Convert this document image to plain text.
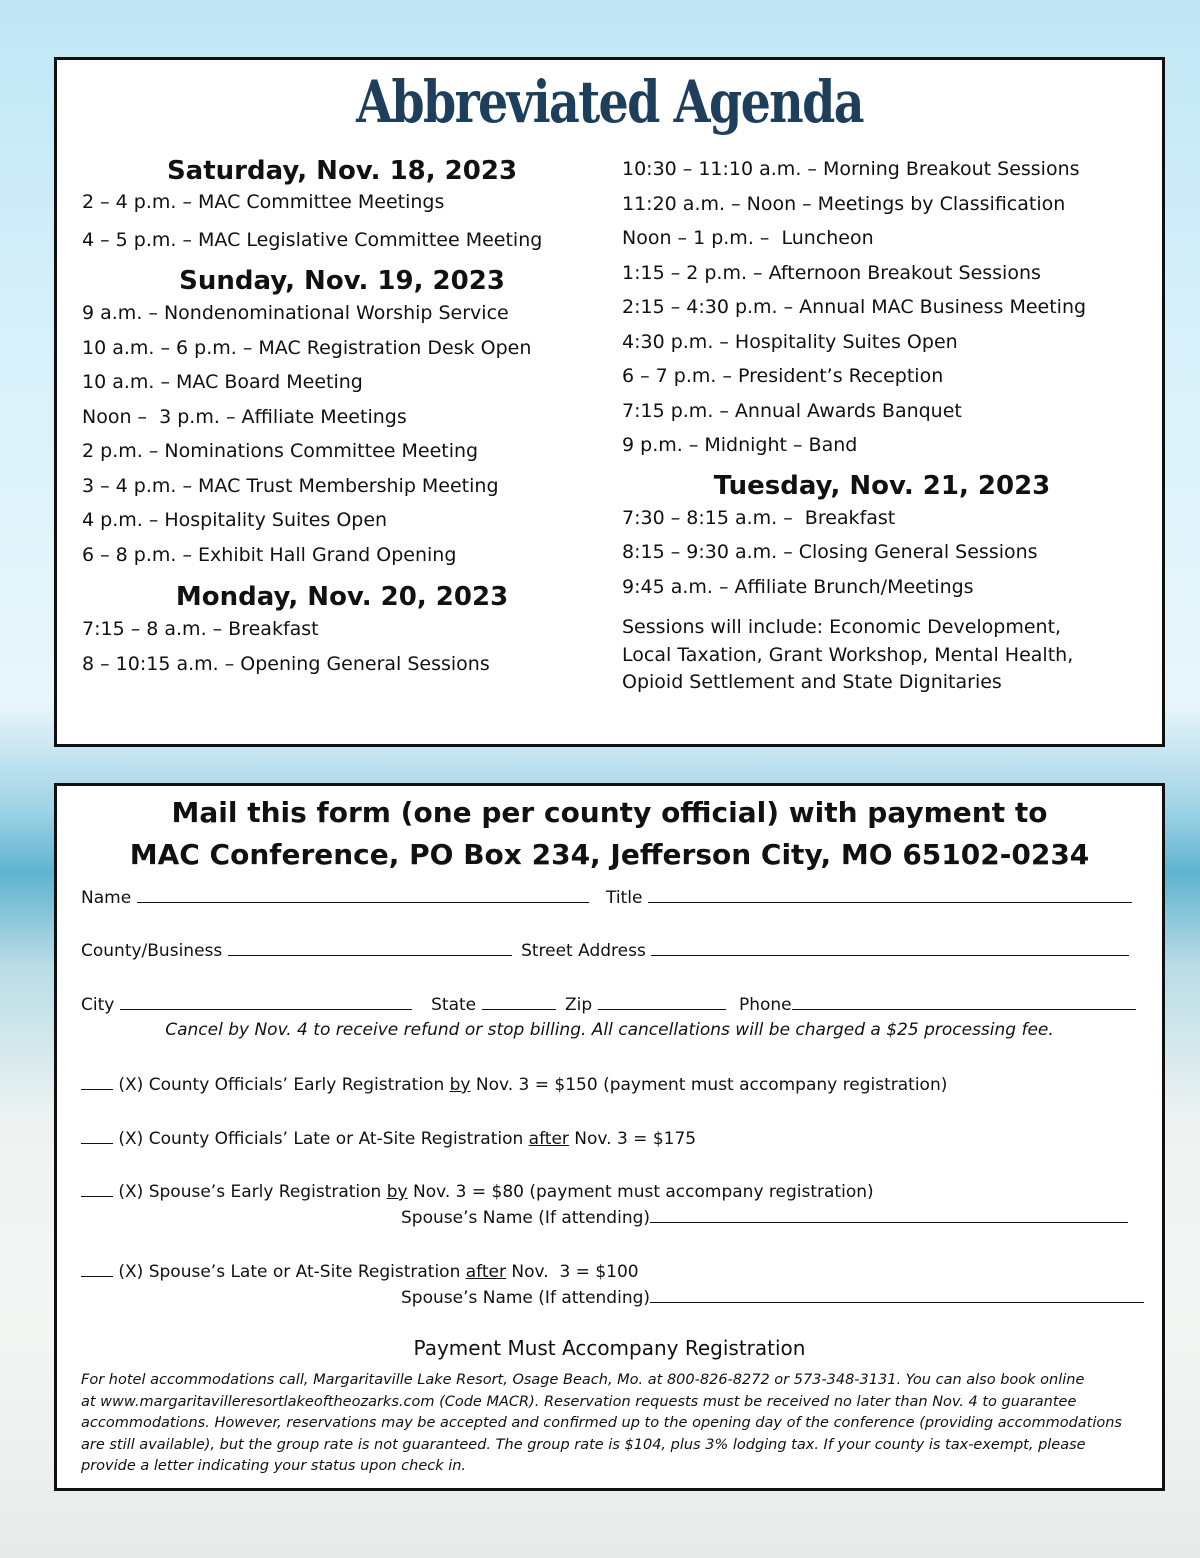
Abbreviated Agenda
Saturday, Nov. 18, 2023
2 – 4 p.m. – MAC Committee Meetings
4 – 5 p.m. – MAC Legislative Committee Meeting
Sunday, Nov. 19, 2023
9 a.m. – Nondenominational Worship Service
10 a.m. – 6 p.m. – MAC Registration Desk Open
10 a.m. – MAC Board Meeting
Noon –  3 p.m. – Affiliate Meetings
2 p.m. – Nominations Committee Meeting
3 – 4 p.m. – MAC Trust Membership Meeting
4 p.m. – Hospitality Suites Open
6 – 8 p.m. – Exhibit Hall Grand Opening
Monday, Nov. 20, 2023
7:15 – 8 a.m. – Breakfast
8 – 10:15 a.m. – Opening General Sessions
10:30 – 11:10 a.m. – Morning Breakout Sessions
11:20 a.m. – Noon – Meetings by Classification
Noon – 1 p.m. –  Luncheon
1:15 – 2 p.m. – Afternoon Breakout Sessions
2:15 – 4:30 p.m. – Annual MAC Business Meeting
4:30 p.m. – Hospitality Suites Open
6 – 7 p.m. – President’s Reception
7:15 p.m. – Annual Awards Banquet
9 p.m. – Midnight – Band
Tuesday, Nov. 21, 2023
7:30 – 8:15 a.m. –  Breakfast
8:15 – 9:30 a.m. – Closing General Sessions
9:45 a.m. – Affiliate Brunch/Meetings
Sessions will include: Economic Development,
Local Taxation, Grant Workshop, Mental Health,
Opioid Settlement and State Dignitaries
Mail this form (one per county official) with payment to
MAC Conference, PO Box 234, Jefferson City, MO 65102-0234
Name	Title
County/Business	Street Address
City	State	Zip	Phone
Cancel by Nov. 4 to receive refund or stop billing. All cancellations will be charged a $25 processing fee.
(X) County Officials’ Early Registration by Nov. 3 = $150 (payment must accompany registration)
(X) County Officials’ Late or At-Site Registration after Nov. 3 = $175
(X) Spouse’s Early Registration by Nov. 3 = $80 (payment must accompany registration)
Spouse’s Name (If attending)
(X) Spouse’s Late or At-Site Registration after Nov.  3 = $100
Spouse’s Name (If attending)
Payment Must Accompany Registration
For hotel accommodations call, Margaritaville Lake Resort, Osage Beach, Mo. at 800-826-8272 or 573-348-3131. You can also book online
at www.margaritavilleresortlakeoftheozarks.com (Code MACR). Reservation requests must be received no later than Nov. 4 to guarantee
accommodations. However, reservations may be accepted and confirmed up to the opening day of the conference (providing accommodations
are still available), but the group rate is not guaranteed. The group rate is $104, plus 3% lodging tax. If your county is tax-exempt, please
provide a letter indicating your status upon check in.
